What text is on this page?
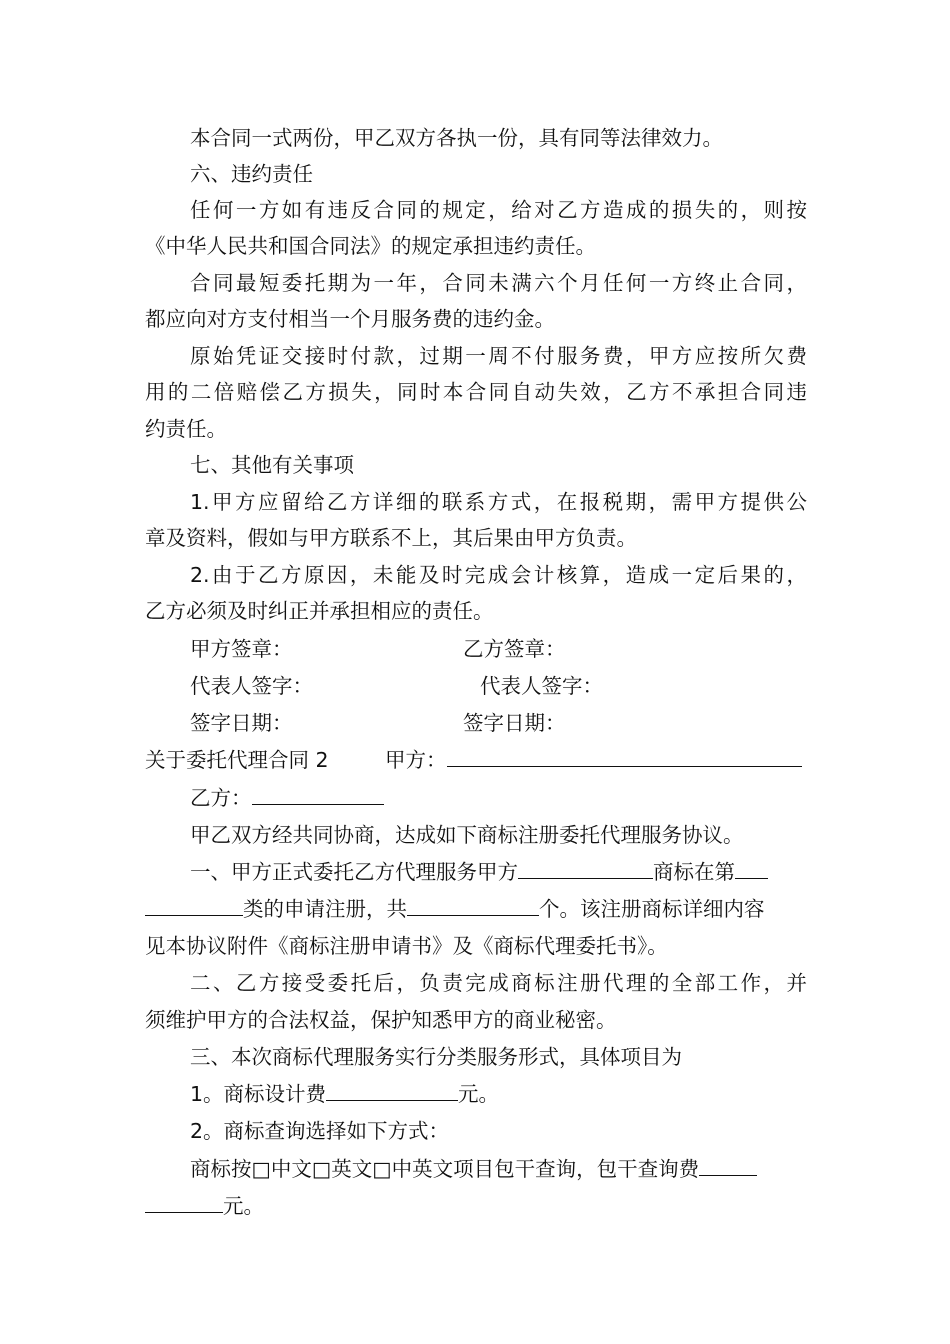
本合同一式两份，甲乙双方各执一份，具有同等法律效力。

六、违约责任

任何一方如有违反合同的规定，给对乙方造成的损失的，则按

《中华人民共和国合同法》的规定承担违约责任。

合同最短委托期为一年，合同未满六个月任何一方终止合同，

都应向对方支付相当一个月服务费的违约金。

原始凭证交接时付款，过期一周不付服务费，甲方应按所欠费

用的二倍赔偿乙方损失，同时本合同自动失效，乙方不承担合同违

约责任。

七、其他有关事项

1.甲方应留给乙方详细的联系方式，在报税期，需甲方提供公

章及资料，假如与甲方联系不上，其后果由甲方负责。

2.由于乙方原因，未能及时完成会计核算，造成一定后果的，

乙方必须及时纠正并承担相应的责任。

甲方签章：	乙方签章：

代表人签字：	代表人签字：

签字日期：	签字日期：

关于委托代理合同 2	甲方：

乙方：

甲乙双方经共同协商，达成如下商标注册委托代理服务协议。

一、甲方正式委托乙方代理服务甲方	商标在第

类的申请注册，共	个。该注册商标详细内容

见本协议附件《商标注册申请书》及《商标代理委托书》。

二、乙方接受委托后，负责完成商标注册代理的全部工作，并

须维护甲方的合法权益，保护知悉甲方的商业秘密。

三、本次商标代理服务实行分类服务形式，具体项目为

1。商标设计费	元。

2。商标查询选择如下方式：

商标按□中文□英文□中英文项目包干查询，包干查询费

元。
